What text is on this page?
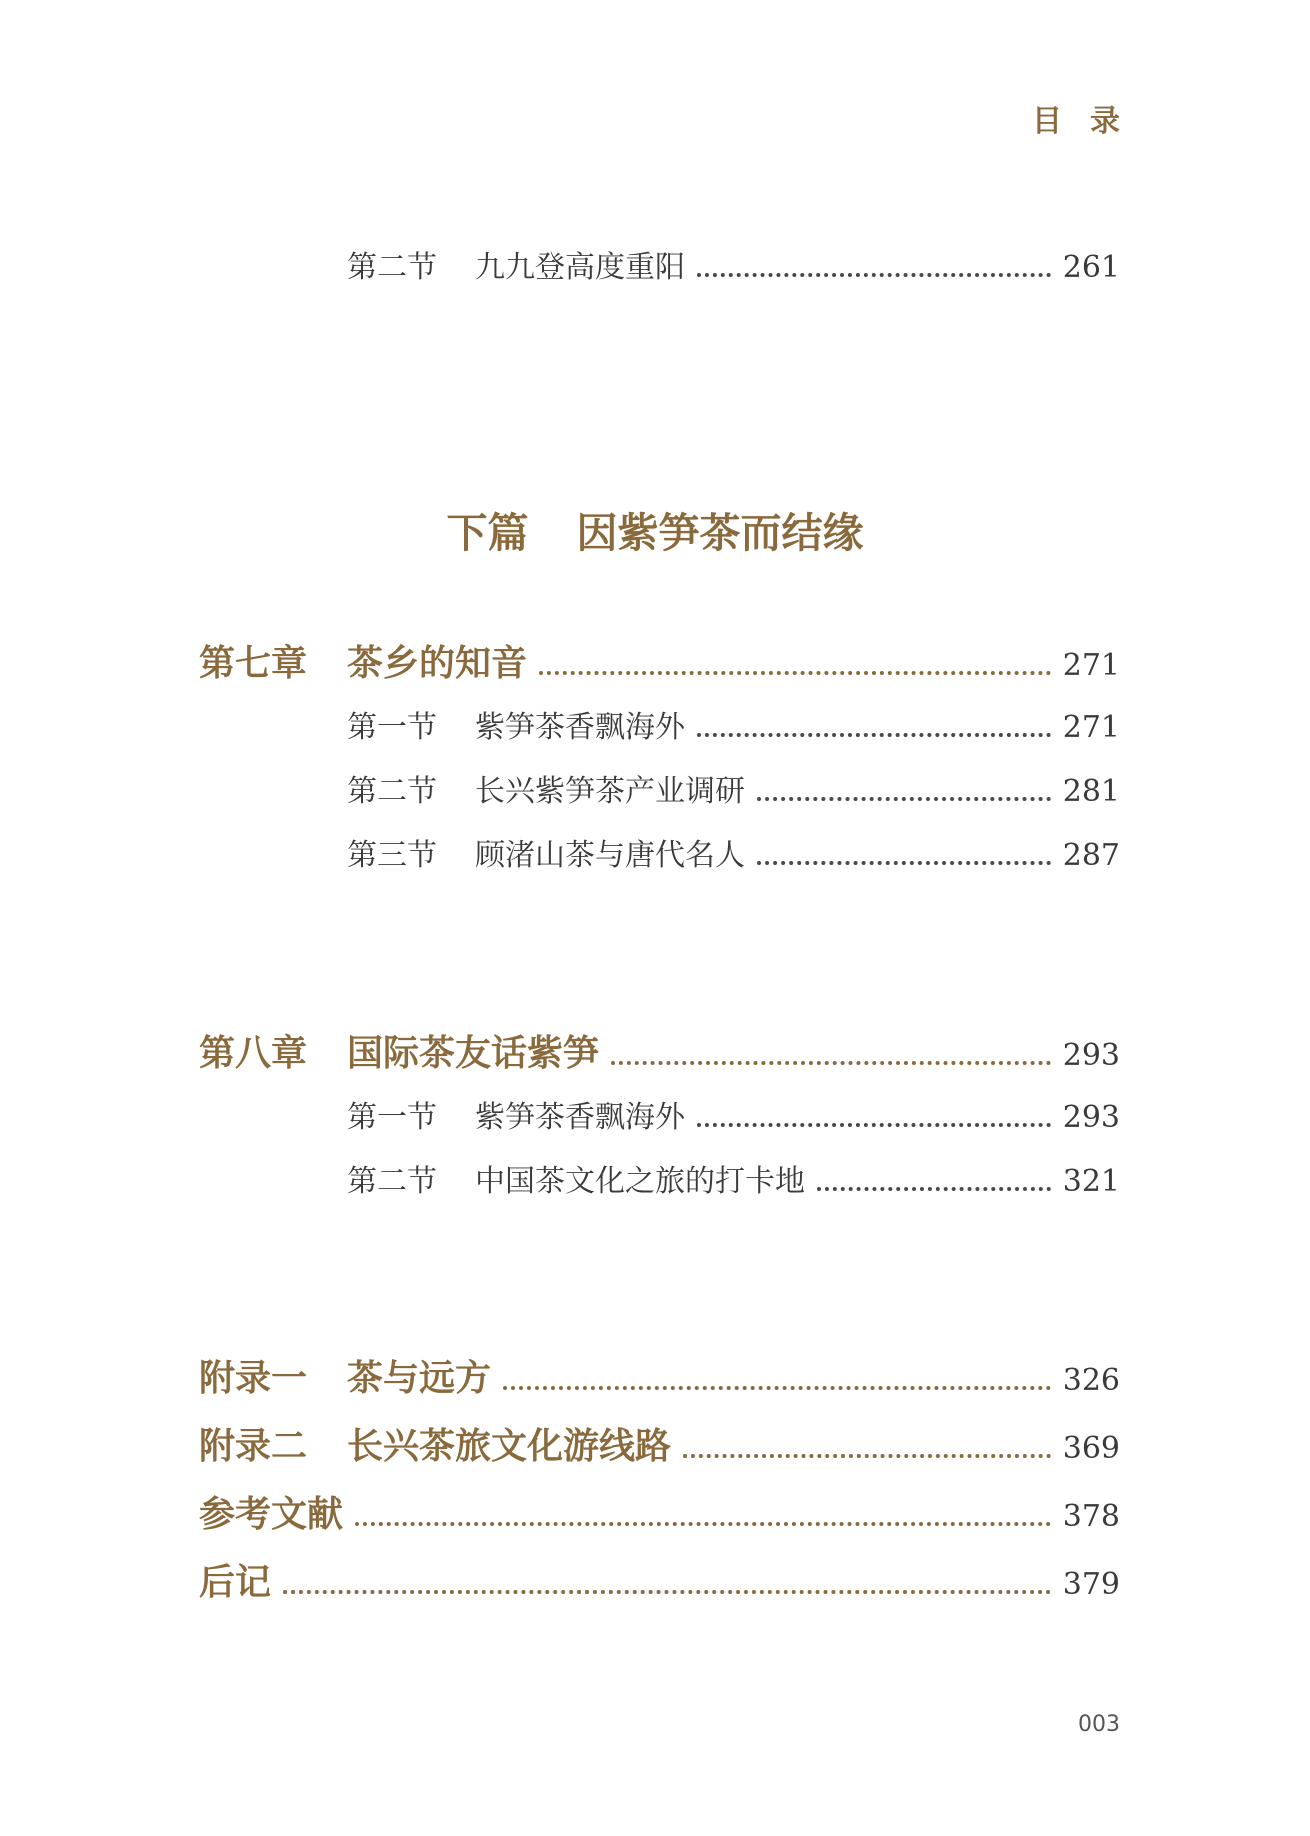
目录
第二节	九九登高度重阳	261
下篇 因紫笋茶而结缘
第七章	茶乡的知音	271
第一节	紫笋茶香飘海外	271
第二节	长兴紫笋茶产业调研	281
第三节	顾渚山茶与唐代名人	287
第八章	国际茶友话紫笋	293
第一节	紫笋茶香飘海外	293
第二节	中国茶文化之旅的打卡地	321
附录一	茶与远方	326
附录二	长兴茶旅文化游线路	369
参考文献	378
后记	379
003
